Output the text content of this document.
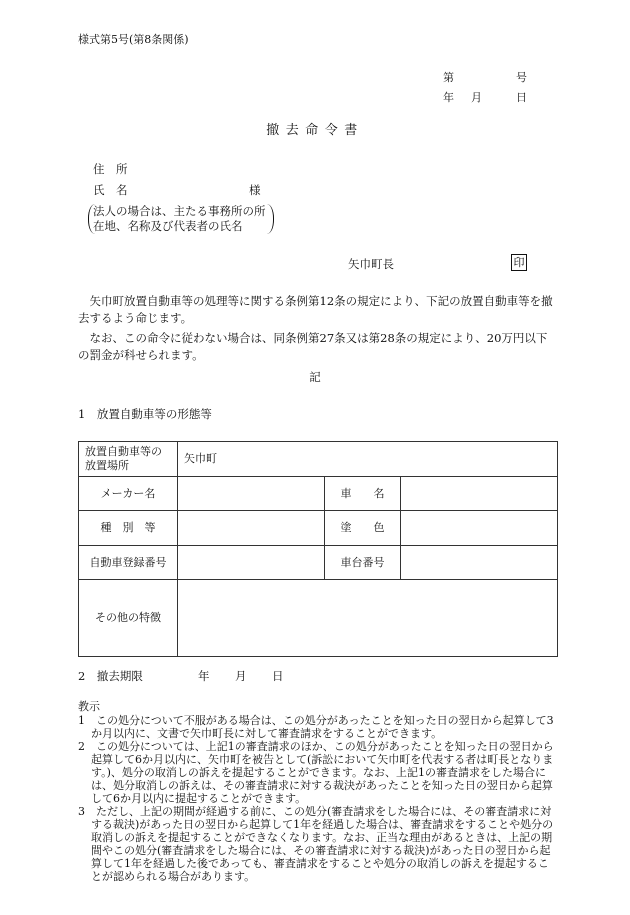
様式第5号(第8条関係)
第	号
年 月	日
撤去命令書
住　所
氏　名	様
法人の場合は、主たる事務所の所在地、名称及び代表者の氏名
矢巾町長	印
矢巾町放置自動車等の処理等に関する条例第12条の規定により、下記の放置自動車等を撤去するよう命じます。
なお、この命令に従わない場合は、同条例第27条又は第28条の規定により、20万円以下の罰金が科せられます。
記
1　放置自動車等の形態等
放置自動車等の放置場所	矢巾町		
メーカー名		車　　名	
種　別　等		塗　　色	
自動車登録番号		車台番号	
その他の特徴			
2　撤去期限	年 月 日
教示
1　この処分について不服がある場合は、この処分があったことを知った日の翌日から起算して3か月以内に、文書で矢巾町長に対して審査請求をすることができます。
2　この処分については、上記1の審査請求のほか、この処分があったことを知った日の翌日から起算して6か月以内に、矢巾町を被告として(訴訟において矢巾町を代表する者は町長となります。)、処分の取消しの訴えを提起することができます。なお、上記1の審査請求をした場合には、処分取消しの訴えは、その審査請求に対する裁決があったことを知った日の翌日から起算して6か月以内に提起することができます。
3　ただし、上記の期間が経過する前に、この処分(審査請求をした場合には、その審査請求に対する裁決)があった日の翌日から起算して1年を経過した場合は、審査請求をすることや処分の取消しの訴えを提起することができなくなります。なお、正当な理由があるときは、上記の期間やこの処分(審査請求をした場合には、その審査請求に対する裁決)があった日の翌日から起算して1年を経過した後であっても、審査請求をすることや処分の取消しの訴えを提起することが認められる場合があります。
